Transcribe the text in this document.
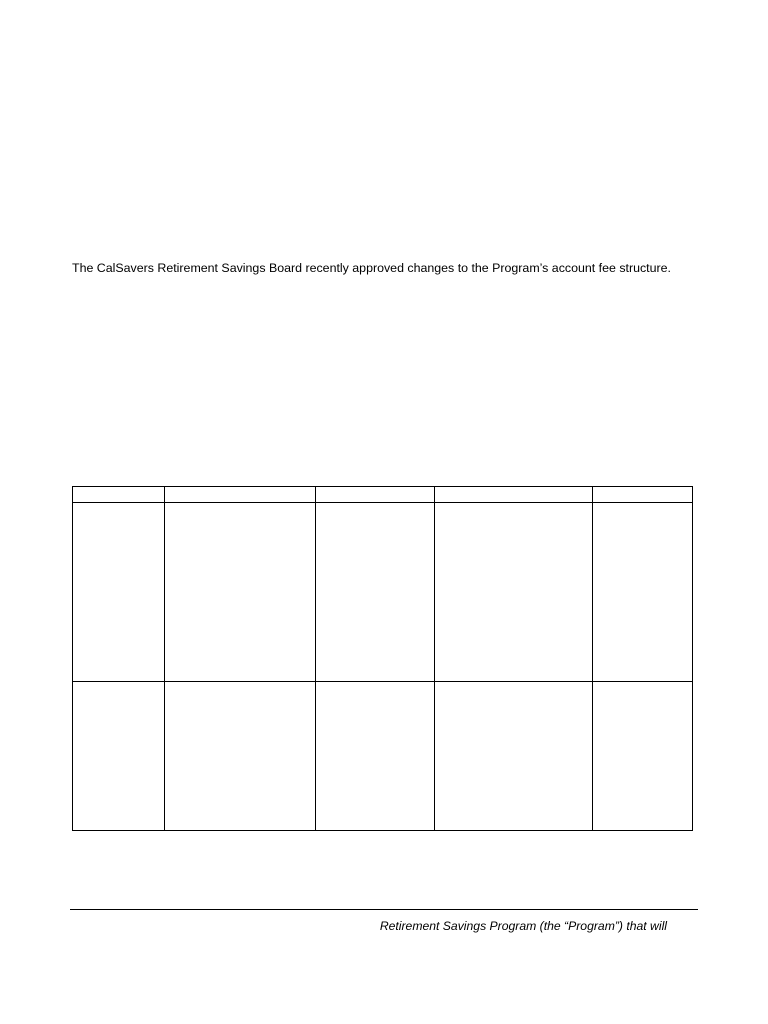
The CalSavers Retirement Savings Board recently approved changes to the Program’s account fee structure.

Retirement Savings Program (the “Program”) that will
